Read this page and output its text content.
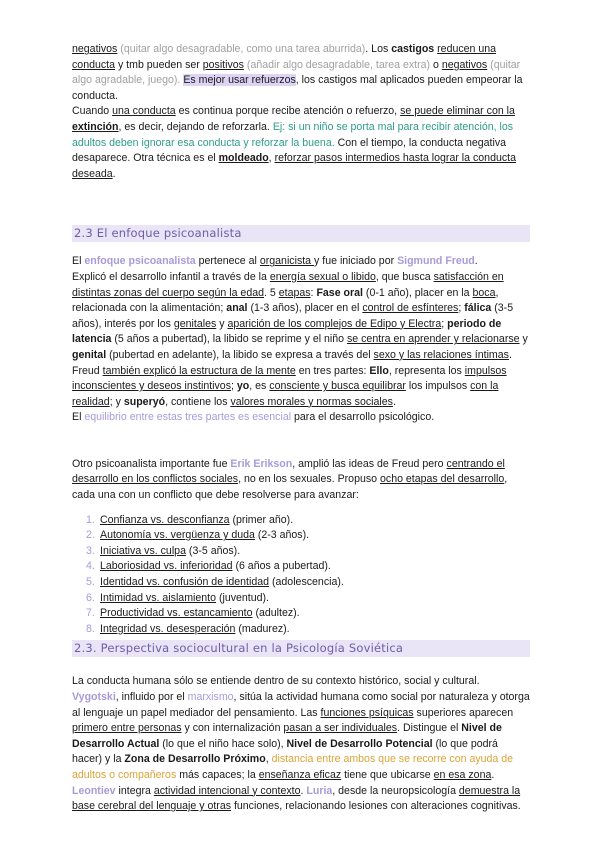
negativos (quitar algo desagradable, como una tarea aburrida). Los castigos reducen una conducta y tmb pueden ser positivos (añadir algo desagradable, tarea extra) o negativos (quitar algo agradable, juego). Es mejor usar refuerzos, los castigos mal aplicados pueden empeorar la conducta.

Cuando una conducta es continua porque recibe atención o refuerzo, se puede eliminar con la extinción, es decir, dejando de reforzarla. Ej: si un niño se porta mal para recibir atención, los adultos deben ignorar esa conducta y reforzar la buena. Con el tiempo, la conducta negativa desaparece. Otra técnica es el moldeado, reforzar pasos intermedios hasta lograr la conducta deseada.

2.3 El enfoque psicoanalista

El enfoque psicoanalista pertenece al organicista y fue iniciado por Sigmund Freud.
Explicó el desarrollo infantil a través de la energía sexual o libido, que busca satisfacción en distintas zonas del cuerpo según la edad. 5 etapas: Fase oral (0-1 año), placer en la boca, relacionada con la alimentación; anal (1-3 años), placer en el control de esfínteres; fálica (3-5 años), interés por los genitales y aparición de los complejos de Edipo y Electra; periodo de latencia (5 años a pubertad), la libido se reprime y el niño se centra en aprender y relacionarse y genital (pubertad en adelante), la libido se expresa a través del sexo y las relaciones íntimas.
Freud también explicó la estructura de la mente en tres partes: Ello, representa los impulsos inconscientes y deseos instintivos; yo, es consciente y busca equilibrar los impulsos con la realidad; y superyó, contiene los valores morales y normas sociales.
El equilibrio entre estas tres partes es esencial para el desarrollo psicológico.

Otro psicoanalista importante fue Erik Erikson, amplió las ideas de Freud pero centrando el desarrollo en los conflictos sociales, no en los sexuales. Propuso ocho etapas del desarrollo, cada una con un conflicto que debe resolverse para avanzar:

1. Confianza vs. desconfianza (primer año).
2. Autonomía vs. vergüenza y duda (2-3 años).
3. Iniciativa vs. culpa (3-5 años).
4. Laboriosidad vs. inferioridad (6 años a pubertad).
5. Identidad vs. confusión de identidad (adolescencia).
6. Intimidad vs. aislamiento (juventud).
7. Productividad vs. estancamiento (adultez).
8. Integridad vs. desesperación (madurez).
2.3. Perspectiva sociocultural en la Psicología Soviética

La conducta humana sólo se entiende dentro de su contexto histórico, social y cultural.
Vygotski, influido por el marxismo, sitúa la actividad humana como social por naturaleza y otorga al lenguaje un papel mediador del pensamiento. Las funciones psíquicas superiores aparecen primero entre personas y con internalización pasan a ser individuales. Distingue el Nivel de Desarrollo Actual (lo que el niño hace solo), Nivel de Desarrollo Potencial (lo que podrá hacer) y la Zona de Desarrollo Próximo, distancia entre ambos que se recorre con ayuda de adultos o compañeros más capaces; la enseñanza eficaz tiene que ubicarse en esa zona. Leontiev integra actividad intencional y contexto. Luria, desde la neuropsicología demuestra la base cerebral del lenguaje y otras funciones, relacionando lesiones con alteraciones cognitivas.
